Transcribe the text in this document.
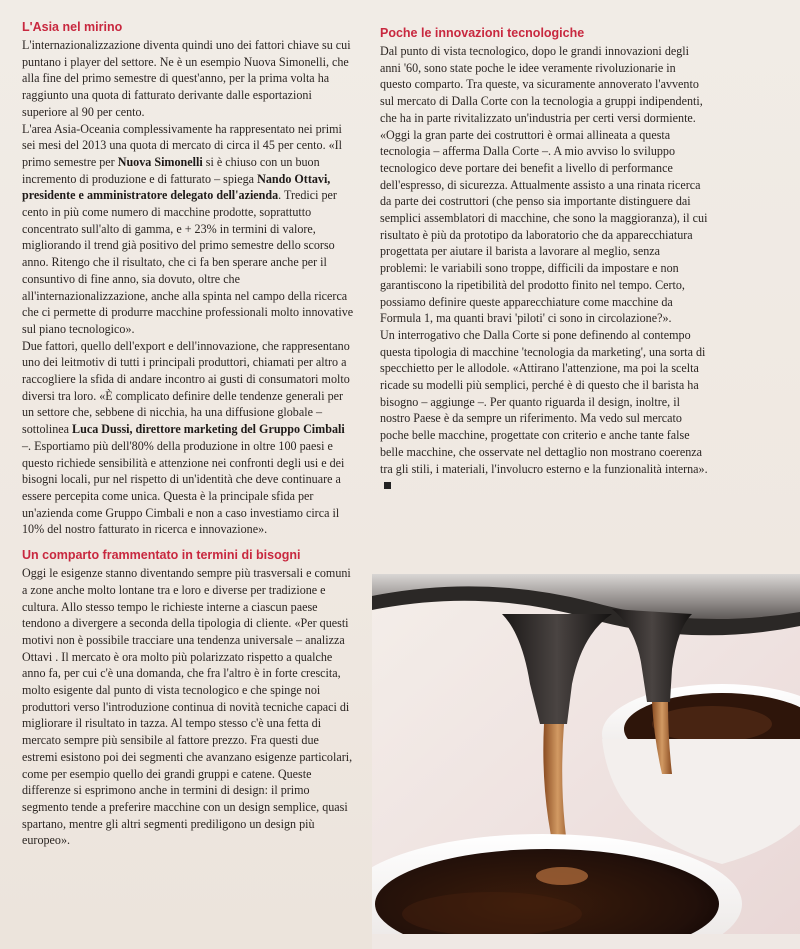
L'Asia nel mirino

L'internazionalizzazione diventa quindi uno dei fattori chiave su cui puntano i player del settore. Ne è un esempio Nuova Simonelli, che alla fine del primo semestre di quest'anno, per la prima volta ha raggiunto una quota di fatturato derivante dalle esportazioni superiore al 90 per cento.

L'area Asia-Oceania complessivamente ha rappresentato nei primi sei mesi del 2013 una quota di mercato di circa il 45 per cento. «Il primo semestre per Nuova Simonelli si è chiuso con un buon incremento di produzione e di fatturato – spiega Nando Ottavi, presidente e amministratore delegato dell'azienda. Tredici per cento in più come numero di macchine prodotte, soprattutto concentrato sull'alto di gamma, e + 23% in termini di valore, migliorando il trend già positivo del primo semestre dello scorso anno. Ritengo che il risultato, che ci fa ben sperare anche per il consuntivo di fine anno, sia dovuto, oltre che all'internazionalizzazione, anche alla spinta nel campo della ricerca che ci permette di produrre macchine professionali molto innovative sul piano tecnologico».

Due fattori, quello dell'export e dell'innovazione, che rappresentano uno dei leitmotiv di tutti i principali produttori, chiamati per altro a raccogliere la sfida di andare incontro ai gusti di consumatori molto diversi tra loro. «È complicato definire delle tendenze generali per un settore che, sebbene di nicchia, ha una diffusione globale – sottolinea Luca Dussi, direttore marketing del Gruppo Cimbali –. Esportiamo più dell'80% della produzione in oltre 100 paesi e questo richiede sensibilità e attenzione nei confronti degli usi e dei bisogni locali, pur nel rispetto di un'identità che deve continuare a essere percepita come unica. Questa è la principale sfida per un'azienda come Gruppo Cimbali e non a caso investiamo circa il 10% del nostro fatturato in ricerca e innovazione».

Un comparto frammentato in termini di bisogni

Oggi le esigenze stanno diventando sempre più trasversali e comuni a zone anche molto lontane tra e loro e diverse per tradizione e cultura. Allo stesso tempo le richieste interne a ciascun paese tendono a divergere a seconda della tipologia di cliente. «Per questi motivi non è possibile tracciare una tendenza universale – analizza Ottavi . Il mercato è ora molto più polarizzato rispetto a qualche anno fa, per cui c'è una domanda, che fra l'altro è in forte crescita, molto esigente dal punto di vista tecnologico e che spinge noi produttori verso l'introduzione continua di novità tecniche capaci di migliorare il risultato in tazza. Al tempo stesso c'è una fetta di mercato sempre più sensibile al fattore prezzo. Fra questi due estremi esistono poi dei segmenti che avanzano esigenze particolari, come per esempio quello dei grandi gruppi e catene. Queste differenze si esprimono anche in termini di design: il primo segmento tende a preferire macchine con un design semplice, quasi spartano, mentre gli altri segmenti prediligono un design più europeo».

Poche le innovazioni tecnologiche

Dal punto di vista tecnologico, dopo le grandi innovazioni degli anni '60, sono state poche le idee veramente rivoluzionarie in questo comparto. Tra queste, va sicuramente annoverato l'avvento sul mercato di Dalla Corte con la tecnologia a gruppi indipendenti, che ha in parte rivitalizzato un'industria per certi versi dormiente.

«Oggi la gran parte dei costruttori è ormai allineata a questa tecnologia – afferma Dalla Corte –. A mio avviso lo sviluppo tecnologico deve portare dei benefit a livello di performance dell'espresso, di sicurezza. Attualmente assisto a una rinata ricerca da parte dei costruttori (che penso sia importante distinguere dai semplici assemblatori di macchine, che sono la maggioranza), il cui risultato è più da prototipo da laboratorio che da apparecchiatura progettata per aiutare il barista a lavorare al meglio, senza problemi: le variabili sono troppe, difficili da impostare e non garantiscono la ripetibilità del prodotto finito nel tempo. Certo, possiamo definire queste apparecchiature come macchine da Formula 1, ma quanti bravi 'piloti' ci sono in circolazione?».

Un interrogativo che Dalla Corte si pone definendo al contempo questa tipologia di macchine 'tecnologia da marketing', una sorta di specchietto per le allodole. «Attirano l'attenzione, ma poi la scelta ricade su modelli più semplici, perché è di questo che il barista ha bisogno – aggiunge –. Per quanto riguarda il design, inoltre, il nostro Paese è da sempre un riferimento. Ma vedo sul mercato poche belle macchine, progettate con criterio e anche tante false belle macchine, che osservate nel dettaglio non mostrano coerenza tra gli stili, i materiali, l'involucro esterno e la funzionalità interna».
